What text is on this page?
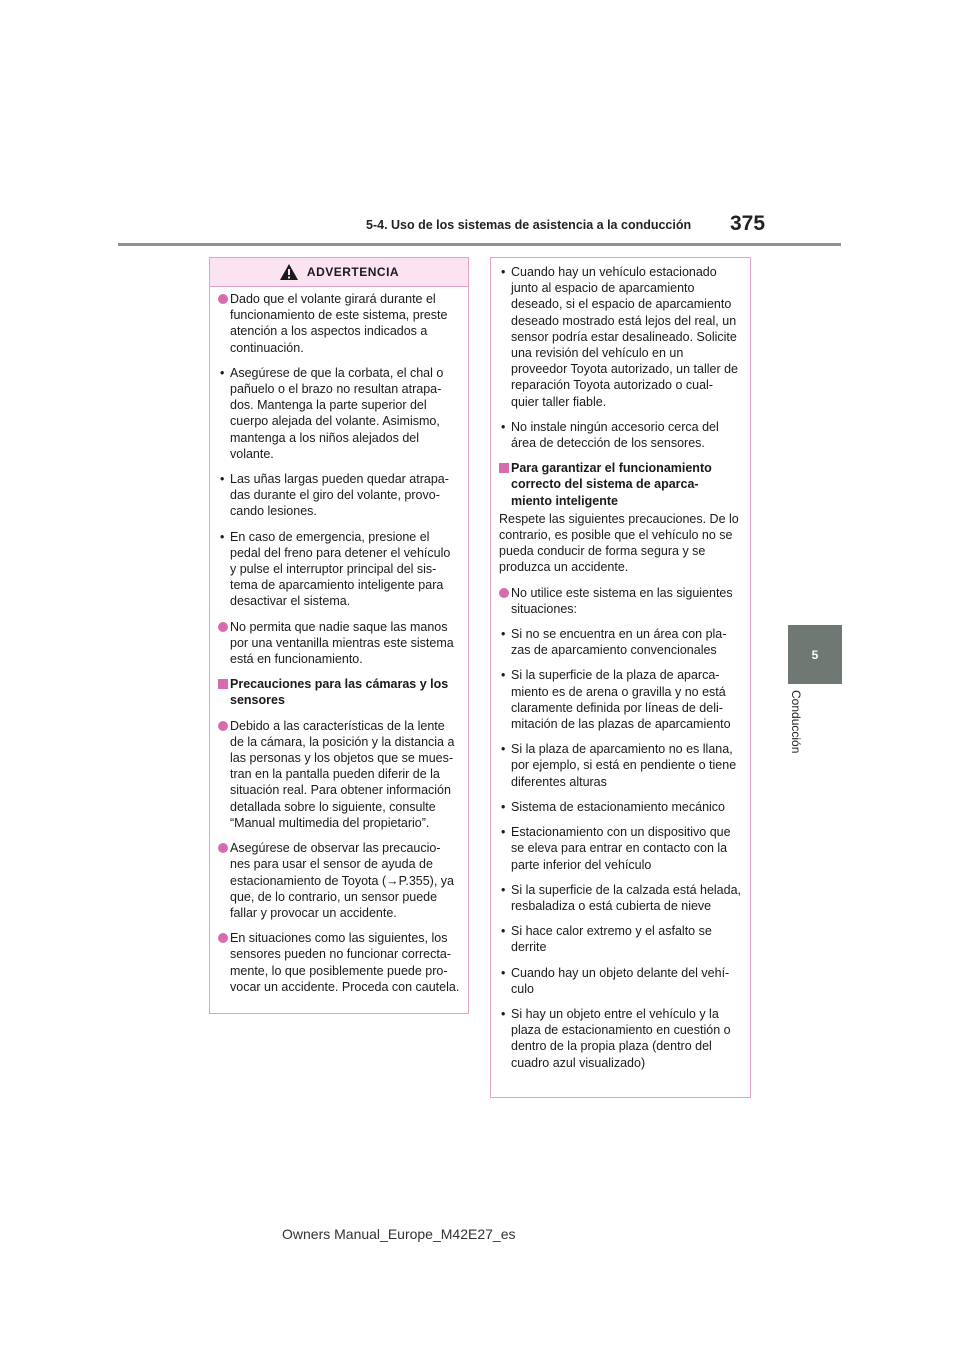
5-4. Uso de los sistemas de asistencia a la conducción	375
5
Conducción
ADVERTENCIA
Dado que el volante girará durante el funcionamiento de este sistema, preste atención a los aspectos indicados a continuación.
• Asegúrese de que la corbata, el chal o pañuelo o el brazo no resultan atrapa- dos. Mantenga la parte superior del cuerpo alejada del volante. Asimismo, mantenga a los niños alejados del volante.
• Las uñas largas pueden quedar atrapa- das durante el giro del volante, provo- cando lesiones.
• En caso de emergencia, presione el pedal del freno para detener el vehículo y pulse el interruptor principal del sis- tema de aparcamiento inteligente para desactivar el sistema.
No permita que nadie saque las manos por una ventanilla mientras este sistema está en funcionamiento.
Precauciones para las cámaras y los sensores
Debido a las características de la lente de la cámara, la posición y la distancia a las personas y los objetos que se mues- tran en la pantalla pueden diferir de la situación real. Para obtener información detallada sobre lo siguiente, consulte “Manual multimedia del propietario”.
Asegúrese de observar las precaucio- nes para usar el sensor de ayuda de estacionamiento de Toyota (→P.355), ya que, de lo contrario, un sensor puede fallar y provocar un accidente.
En situaciones como las siguientes, los sensores pueden no funcionar correcta- mente, lo que posiblemente puede pro- vocar un accidente. Proceda con cautela.
• Cuando hay un vehículo estacionado junto al espacio de aparcamiento deseado, si el espacio de aparcamiento deseado mostrado está lejos del real, un sensor podría estar desalineado. Solicite una revisión del vehículo en un proveedor Toyota autorizado, un taller de reparación Toyota autorizado o cual- quier taller fiable.
• No instale ningún accesorio cerca del área de detección de los sensores.
Para garantizar el funcionamiento correcto del sistema de aparca- miento inteligente
Respete las siguientes precauciones. De lo contrario, es posible que el vehículo no se pueda conducir de forma segura y se produzca un accidente.
No utilice este sistema en las siguientes situaciones:
• Si no se encuentra en un área con pla- zas de aparcamiento convencionales
• Si la superficie de la plaza de aparca- miento es de arena o gravilla y no está claramente definida por líneas de deli- mitación de las plazas de aparcamiento
• Si la plaza de aparcamiento no es llana, por ejemplo, si está en pendiente o tiene diferentes alturas
• Sistema de estacionamiento mecánico
• Estacionamiento con un dispositivo que se eleva para entrar en contacto con la parte inferior del vehículo
• Si la superficie de la calzada está helada, resbaladiza o está cubierta de nieve
• Si hace calor extremo y el asfalto se derrite
• Cuando hay un objeto delante del vehí- culo
• Si hay un objeto entre el vehículo y la plaza de estacionamiento en cuestión o dentro de la propia plaza (dentro del cuadro azul visualizado)
Owners Manual_Europe_M42E27_es
